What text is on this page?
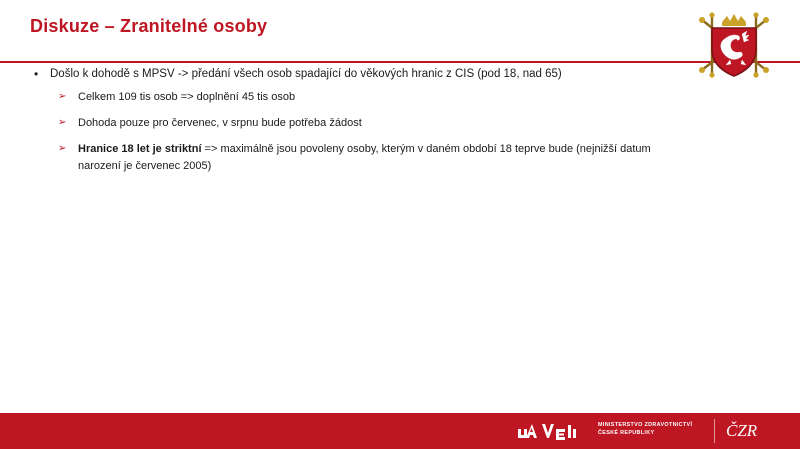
Diskuze – Zranitelné osoby
• Došlo k dohodě s MPSV -> předání všech osob spadající do věkových hranic z CIS (pod 18, nad 65)
➢	Celkem 109 tis osob => doplnění 45 tis osob
➢	Dohoda pouze pro červenec, v srpnu bude potřeba žádost
➢	Hranice 18 let je striktní => maximálně jsou povoleny osoby, kterým v daném období 18 teprve bude (nejnižší datum narození je červenec 2005)
MINISTERSTVO ZDRAVOTNICTVÍ
ČESKÉ REPUBLIKY	ČZR
